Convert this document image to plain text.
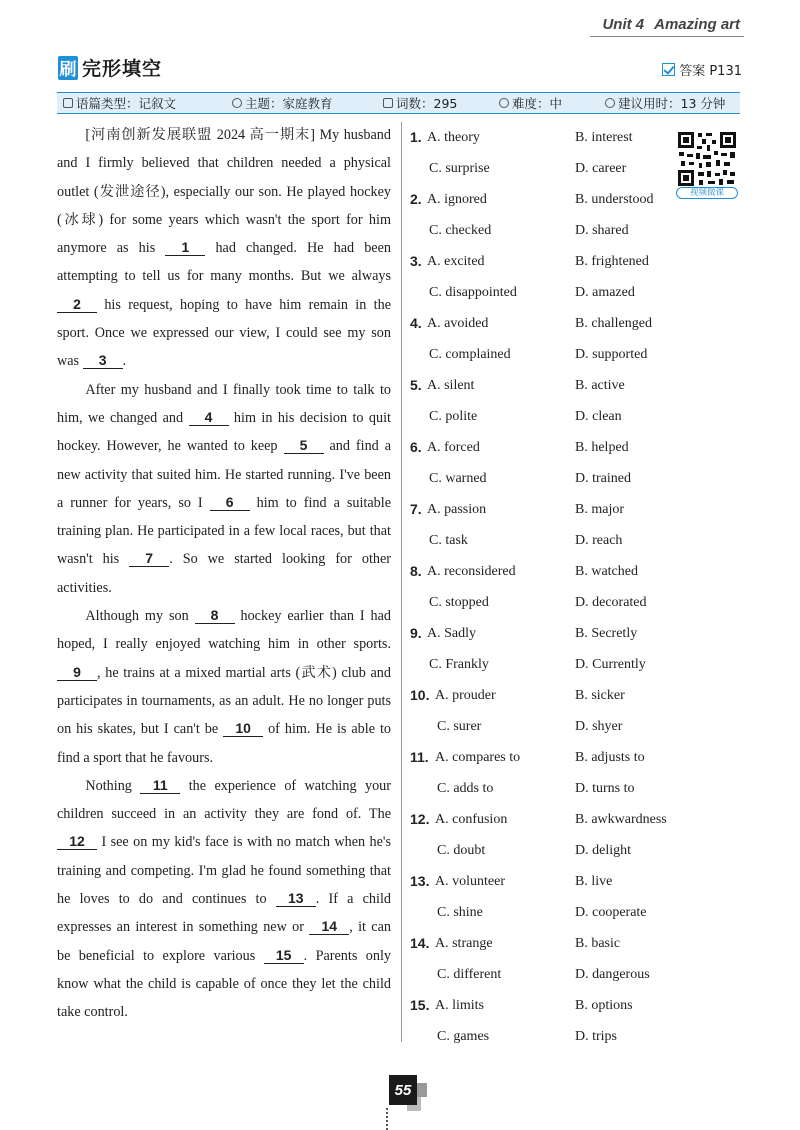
Unit 4 Amazing art
刷 完形填空	答案 P131
语篇类型：记叙文	主题：家庭教育	词数：295	难度：中	建议用时：13 分钟

[河南创新发展联盟 2024 高一期末] My husband and I firmly believed that children needed a physical outlet (发泄途径), especially our son. He played hockey (冰球) for some years which wasn't the sport for him anymore as his 1 had changed. He had been attempting to tell us for many months. But we always 2 his request, hoping to have him remain in the sport. Once we expressed our view, I could see my son was 3 .

After my husband and I finally took time to talk to him, we changed and 4 him in his decision to quit hockey. However, he wanted to keep 5 and find a new activity that suited him. He started running. I've been a runner for years, so I 6 him to find a suitable training plan. He participated in a few local races, but that wasn't his 7 . So we started looking for other activities.

Although my son 8 hockey earlier than I had hoped, I really enjoyed watching him in other sports. 9 , he trains at a mixed martial arts (武术) club and participates in tournaments, as an adult. He no longer puts on his skates, but I can't be 10 of him. He is able to find a sport that he favours.

Nothing 11 the experience of watching your children succeed in an activity they are fond of. The 12 I see on my kid's face is with no match when he's training and competing. I'm glad he found something that he loves to do and continues to 13 . If a child expresses an interest in something new or 14 , it can be beneficial to explore various 15 . Parents only know what the child is capable of once they let the child take control.

视频微课
1. A. theory	B. interest
C. surprise	D. career
2. A. ignored	B. understood
C. checked	D. shared
3. A. excited	B. frightened
C. disappointed	D. amazed
4. A. avoided	B. challenged
C. complained	D. supported
5. A. silent	B. active
C. polite	D. clean
6. A. forced	B. helped
C. warned	D. trained
7. A. passion	B. major
C. task	D. reach
8. A. reconsidered	B. watched
C. stopped	D. decorated
9. A. Sadly	B. Secretly
C. Frankly	D. Currently
10. A. prouder	B. sicker
C. surer	D. shyer
11. A. compares to	B. adjusts to
C. adds to	D. turns to
12. A. confusion	B. awkwardness
C. doubt	D. delight
13. A. volunteer	B. live
C. shine	D. cooperate
14. A. strange	B. basic
C. different	D. dangerous
15. A. limits	B. options
C. games	D. trips
55
